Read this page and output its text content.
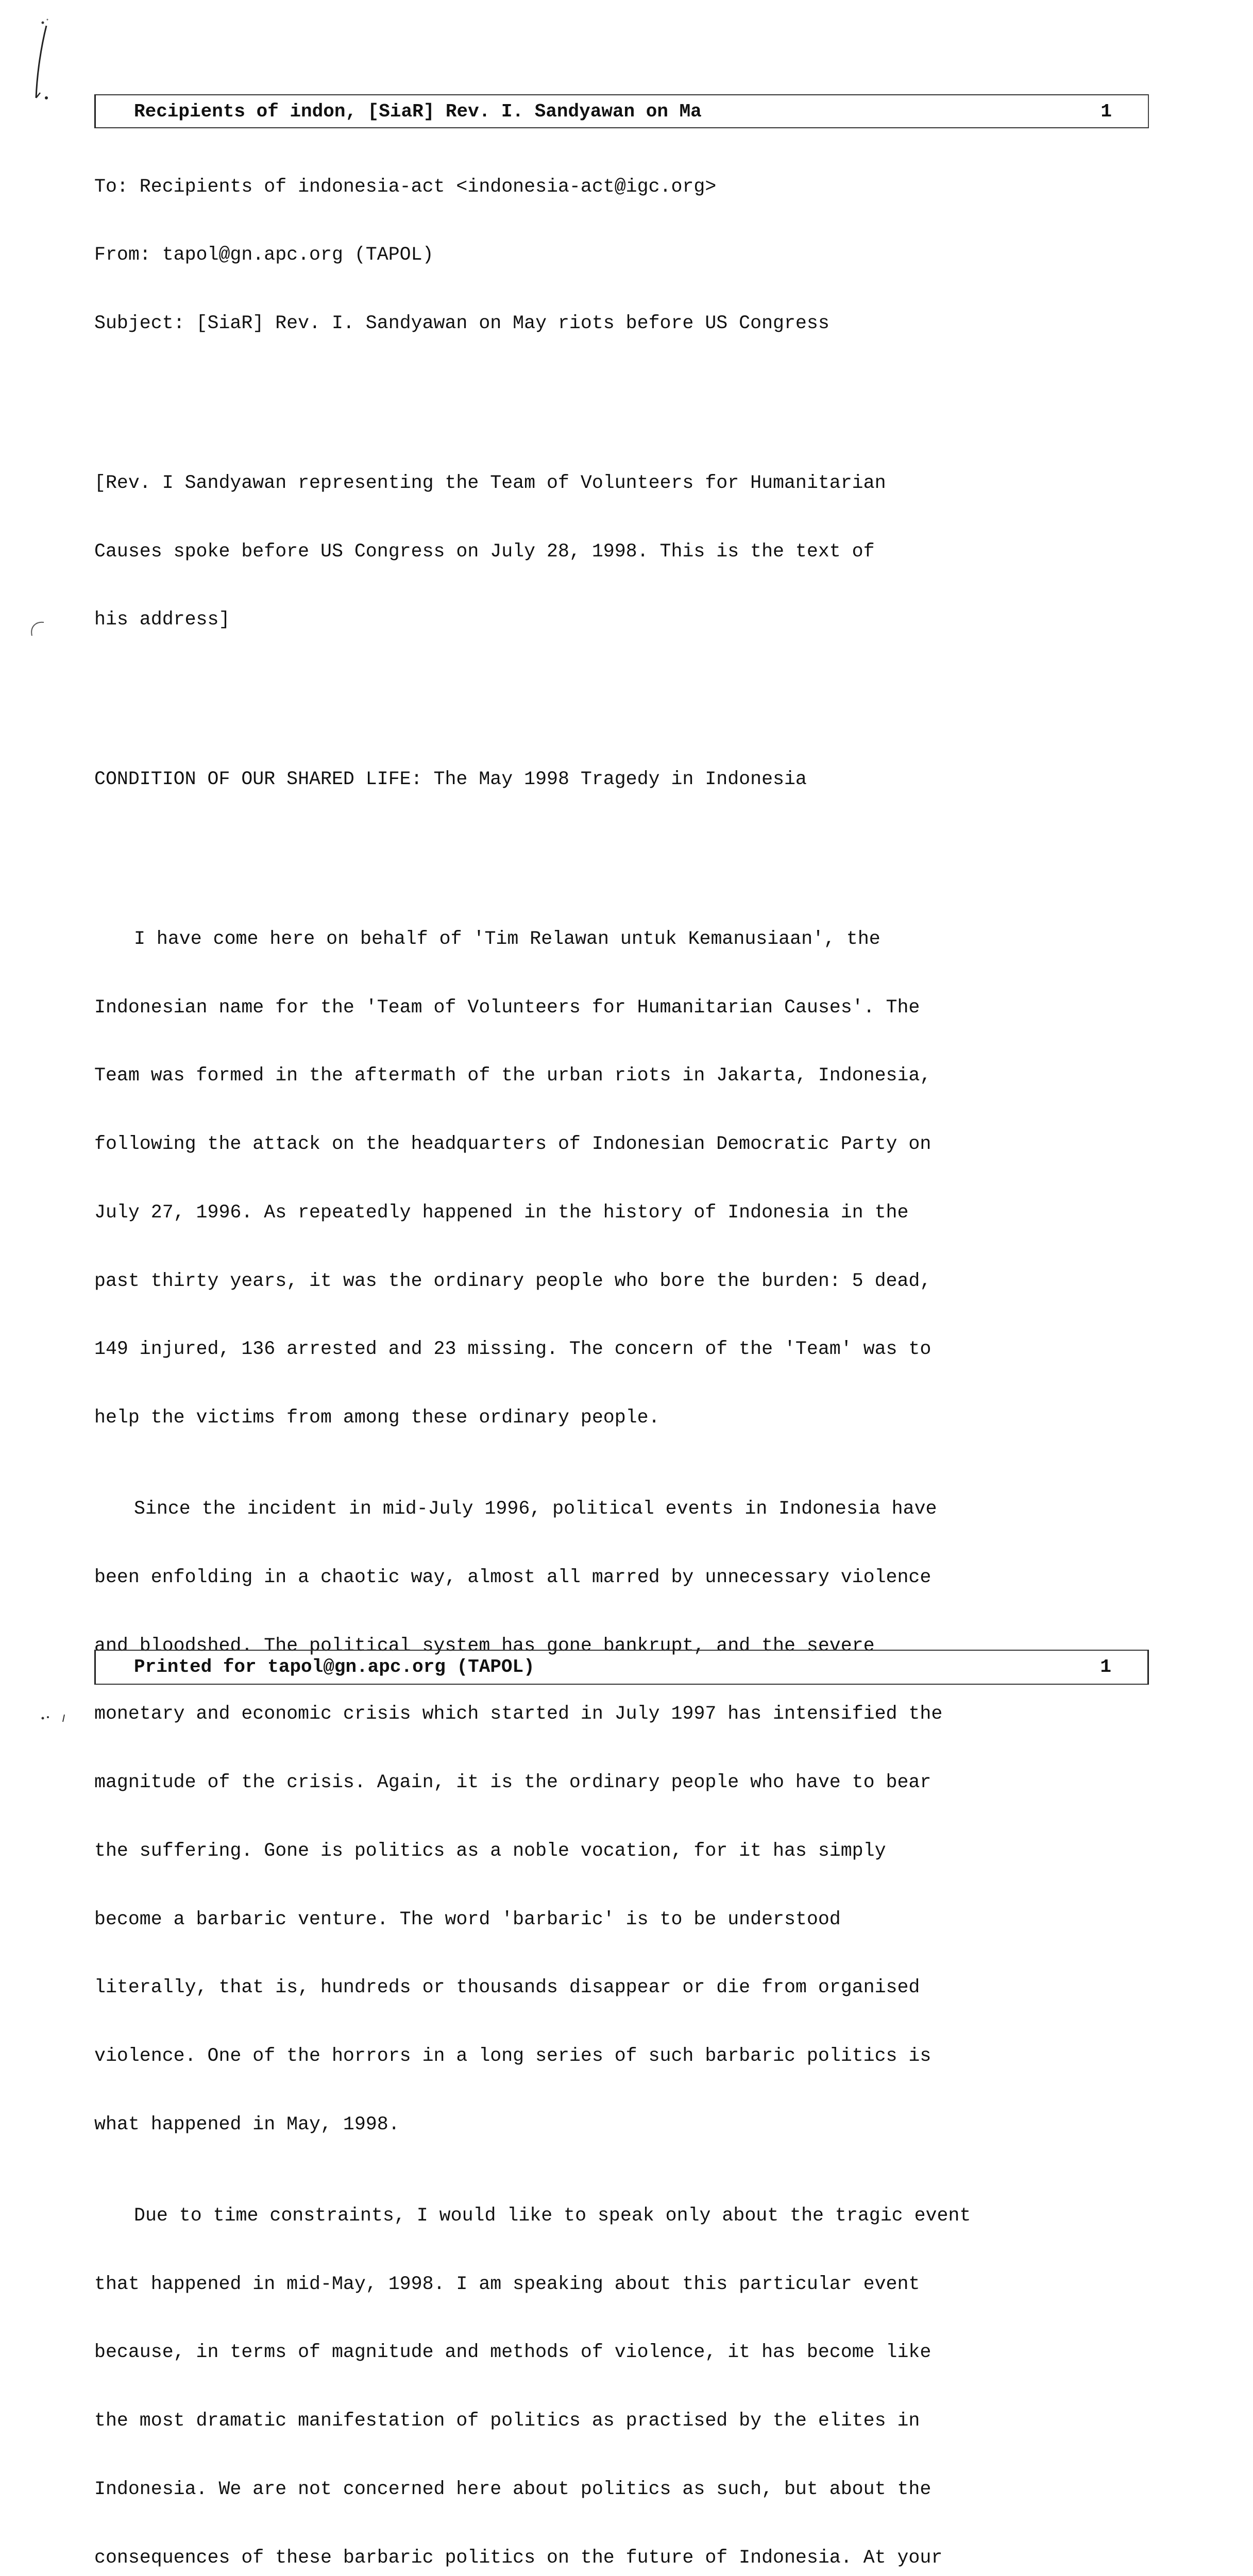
Recipients of indon, [SiaR] Rev. I. Sandyawan on Ma	1

To: Recipients of indonesia-act <indonesia-act@igc.org>

From: tapol@gn.apc.org (TAPOL)

Subject: [SiaR] Rev. I. Sandyawan on May riots before US Congress

[Rev. I Sandyawan representing the Team of Volunteers for Humanitarian

Causes spoke before US Congress on July 28, 1998. This is the text of

his address]

CONDITION OF OUR SHARED LIFE: The May 1998 Tragedy in Indonesia

I have come here on behalf of 'Tim Relawan untuk Kemanusiaan', the

Indonesian name for the 'Team of Volunteers for Humanitarian Causes'. The

Team was formed in the aftermath of the urban riots in Jakarta, Indonesia,

following the attack on the headquarters of Indonesian Democratic Party on

July 27, 1996. As repeatedly happened in the history of Indonesia in the

past thirty years, it was the ordinary people who bore the burden: 5 dead,

149 injured, 136 arrested and 23 missing. The concern of the 'Team' was to

help the victims from among these ordinary people.

Since the incident in mid-July 1996, political events in Indonesia have

been enfolding in a chaotic way, almost all marred by unnecessary violence

and bloodshed. The political system has gone bankrupt, and the severe

monetary and economic crisis which started in July 1997 has intensified the

magnitude of the crisis. Again, it is the ordinary people who have to bear

the suffering. Gone is politics as a noble vocation, for it has simply

become a barbaric venture. The word 'barbaric' is to be understood

literally, that is, hundreds or thousands disappear or die from organised

violence. One of the horrors in a long series of such barbaric politics is

what happened in May, 1998.

Due to time constraints, I would like to speak only about the tragic event

that happened in mid-May, 1998. I am speaking about this particular event

because, in terms of magnitude and methods of violence, it has become like

the most dramatic manifestation of politics as practised by the elites in

Indonesia. We are not concerned here about politics as such, but about the

consequences of these barbaric politics on the future of Indonesia. At your

Printed for tapol@gn.apc.org (TAPOL)	1
